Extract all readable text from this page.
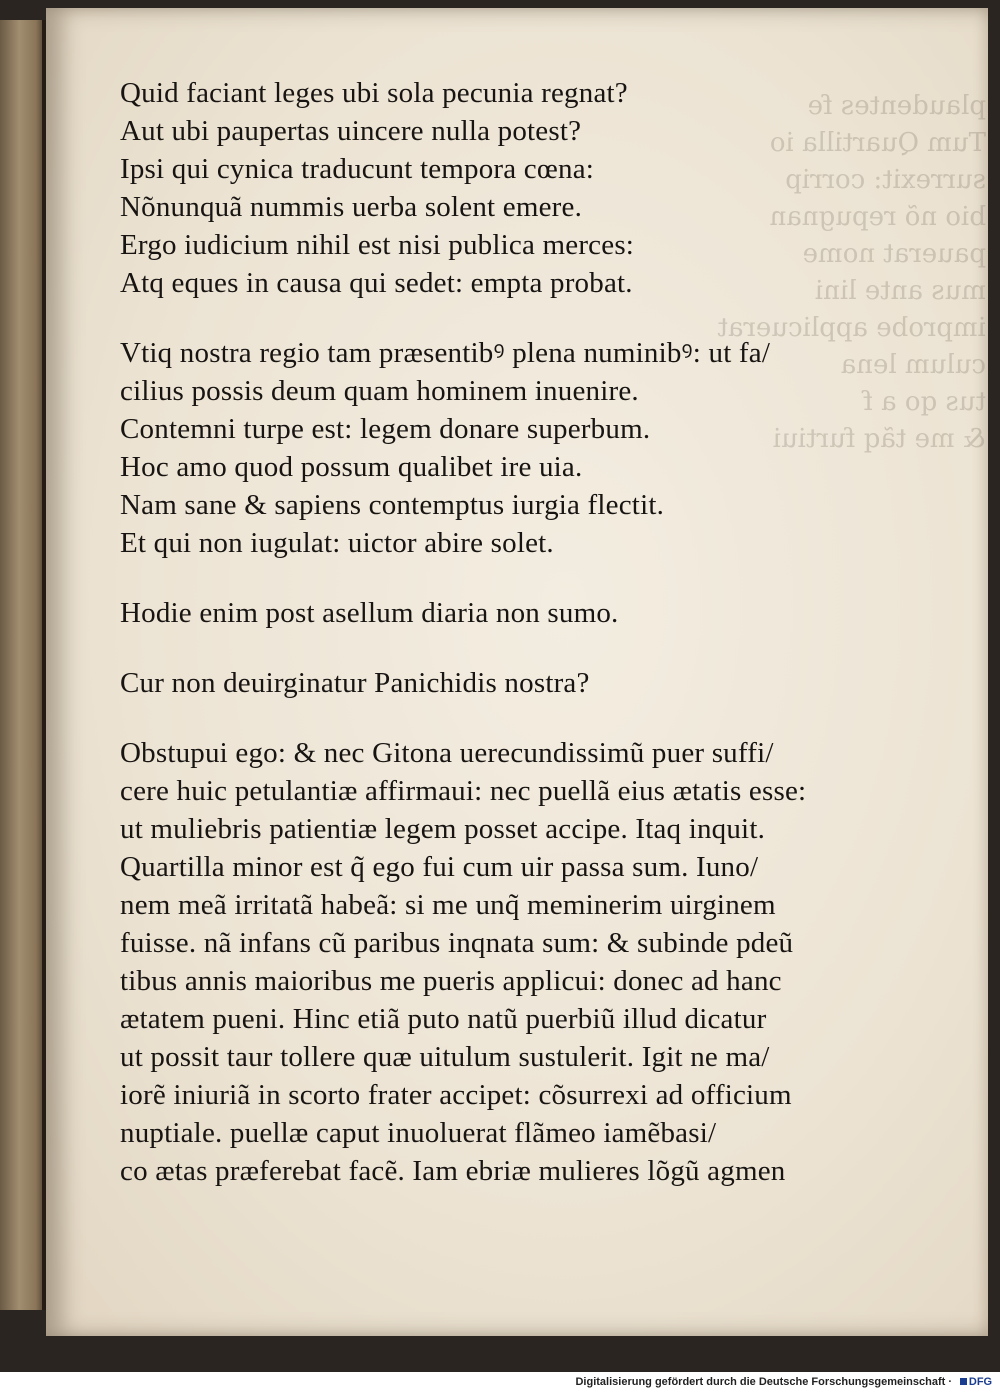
plaudentes fe
Tum Quartilla io
surrexit: corrip
bio nõ repugnan
pauerat nome
mus ante lini
improbe applicuerat
culum lena
tus qo a f
& me tãq furtiui
Quid faciant leges ubi sola pecunia regnat?
Aut ubi paupertas uincere nulla potest?
Ipsi qui cynica traducunt tempora cœna:
Nõnunquã nummis uerba solent emere.
Ergo iudicium nihil est nisi publica merces:
Atq eques in causa qui sedet: empta probat.
Vtiq nostra regio tam præsentibꝰ plena numinibꝰ: ut fa/
cilius possis deum quam hominem inuenire.
Contemni turpe est: legem donare superbum.
Hoc amo quod possum qualibet ire uia.
Nam sane & sapiens contemptus iurgia flectit.
Et qui non iugulat: uictor abire solet.
Hodie enim post asellum diaria non sumo.
Cur non deuirginatur Panichidis nostra?
Obstupui ego: & nec Gitona uerecundissimũ puer suffi/
cere huic petulantiæ affirmaui: nec puellã eius ætatis esse:
ut muliebris patientiæ legem posset accipe. Itaq inquit.
Quartilla minor est q̃ ego fui cum uir passa sum. Iuno/
nem meã irritatã habeã: si me unq̃ meminerim uirginem
fuisse. nã infans cũ paribus inqnata sum: & subinde pdeũ
tibus annis maioribus me pueris applicui: donec ad hanc
ætatem pueni. Hinc etiã puto natũ puerbiũ illud dicatur
ut possit taur tollere quæ uitulum sustulerit. Igit ne ma/
iorẽ iniuriã in scorto frater accipet: cõsurrexi ad officium
nuptiale. puellæ caput inuoluerat flãmeo iamẽbasi/
co ætas præferebat facẽ. Iam ebriæ mulieres lõgũ agmen
Digitalisierung gefördert durch die Deutsche Forschungsgemeinschaft ·	DFG
